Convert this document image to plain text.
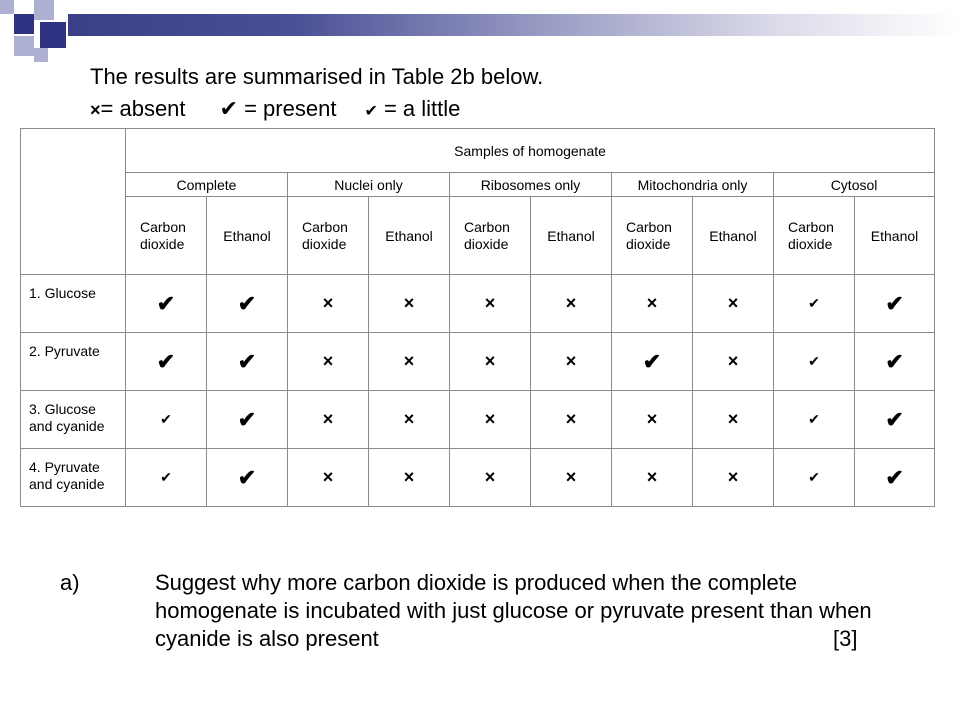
The results are summarised in Table 2b below.
×= absent ✔ = present ✔ = a little
	Samples of homogenate									
	Complete		Nuclei only		Ribosomes only		Mitochondria only		Cytosol	
	Carbon dioxide	Ethanol	Carbon dioxide	Ethanol	Carbon dioxide	Ethanol	Carbon dioxide	Ethanol	Carbon dioxide	Ethanol
1. Glucose	✔	✔	×	×	×	×	×	×	✔	✔
2. Pyruvate	✔	✔	×	×	×	×	✔	×	✔	✔
3. Glucose and cyanide	✔	✔	×	×	×	×	×	×	✔	✔
4. Pyruvate and cyanide	✔	✔	×	×	×	×	×	×	✔	✔
a)	Suggest why more carbon dioxide is produced when the complete homogenate is incubated with just glucose or pyruvate present than when cyanide is also present	[3]
